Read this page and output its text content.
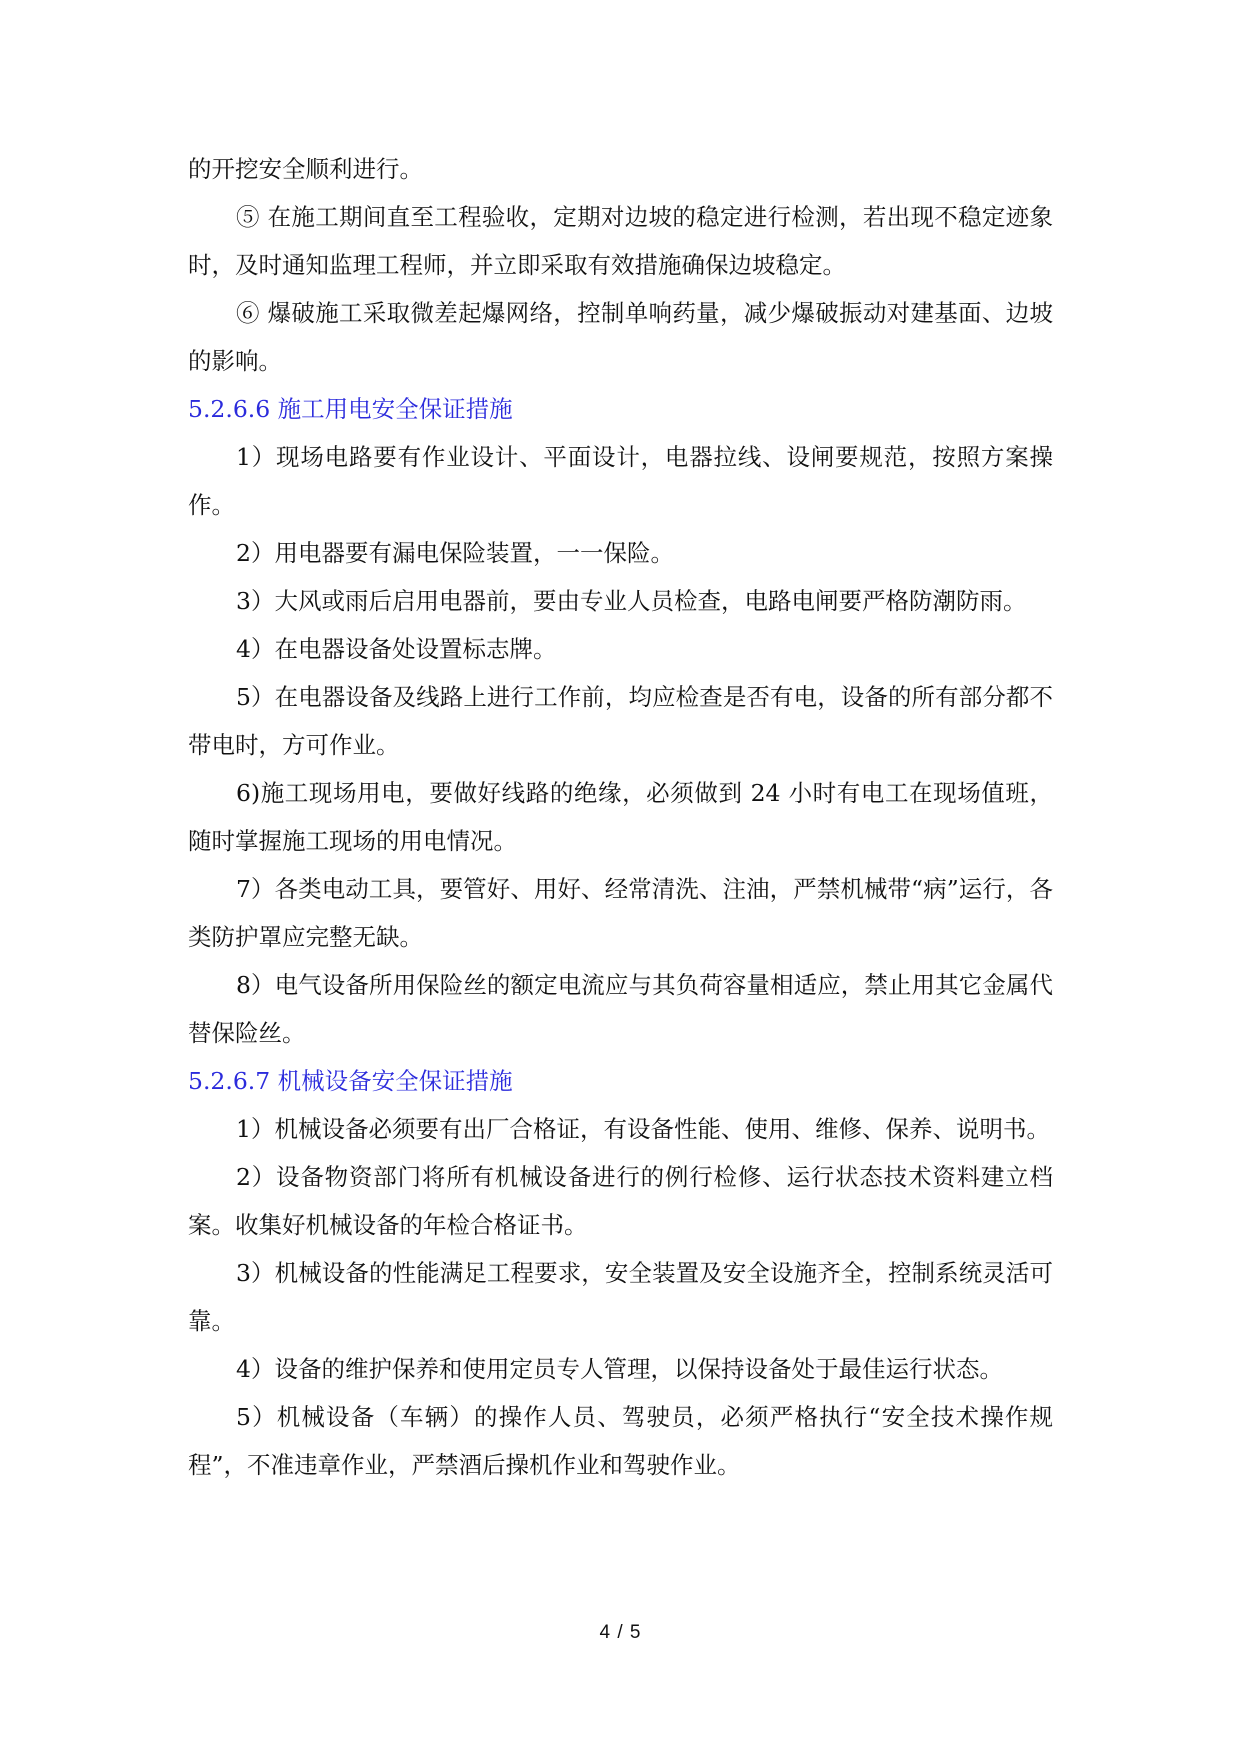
的开挖安全顺利进行。

⑤ 在施工期间直至工程验收，定期对边坡的稳定进行检测，若出现不稳定迹象时，及时通知监理工程师，并立即采取有效措施确保边坡稳定。

⑥ 爆破施工采取微差起爆网络，控制单响药量，减少爆破振动对建基面、边坡的影响。

5.2.6.6 施工用电安全保证措施

1）现场电路要有作业设计、平面设计，电器拉线、设闸要规范，按照方案操作。

2）用电器要有漏电保险装置，一一保险。

3）大风或雨后启用电器前，要由专业人员检查，电路电闸要严格防潮防雨。

4）在电器设备处设置标志牌。

5）在电器设备及线路上进行工作前，均应检查是否有电，设备的所有部分都不带电时，方可作业。

6)施工现场用电，要做好线路的绝缘，必须做到 24 小时有电工在现场值班，随时掌握施工现场的用电情况。

7）各类电动工具，要管好、用好、经常清洗、注油，严禁机械带“病”运行，各类防护罩应完整无缺。

8）电气设备所用保险丝的额定电流应与其负荷容量相适应，禁止用其它金属代替保险丝。

5.2.6.7 机械设备安全保证措施

1）机械设备必须要有出厂合格证，有设备性能、使用、维修、保养、说明书。

2）设备物资部门将所有机械设备进行的例行检修、运行状态技术资料建立档案。收集好机械设备的年检合格证书。

3）机械设备的性能满足工程要求，安全装置及安全设施齐全，控制系统灵活可靠。

4）设备的维护保养和使用定员专人管理，以保持设备处于最佳运行状态。

5）机械设备（车辆）的操作人员、驾驶员，必须严格执行“安全技术操作规程”，不准违章作业，严禁酒后操机作业和驾驶作业。

4 / 5
